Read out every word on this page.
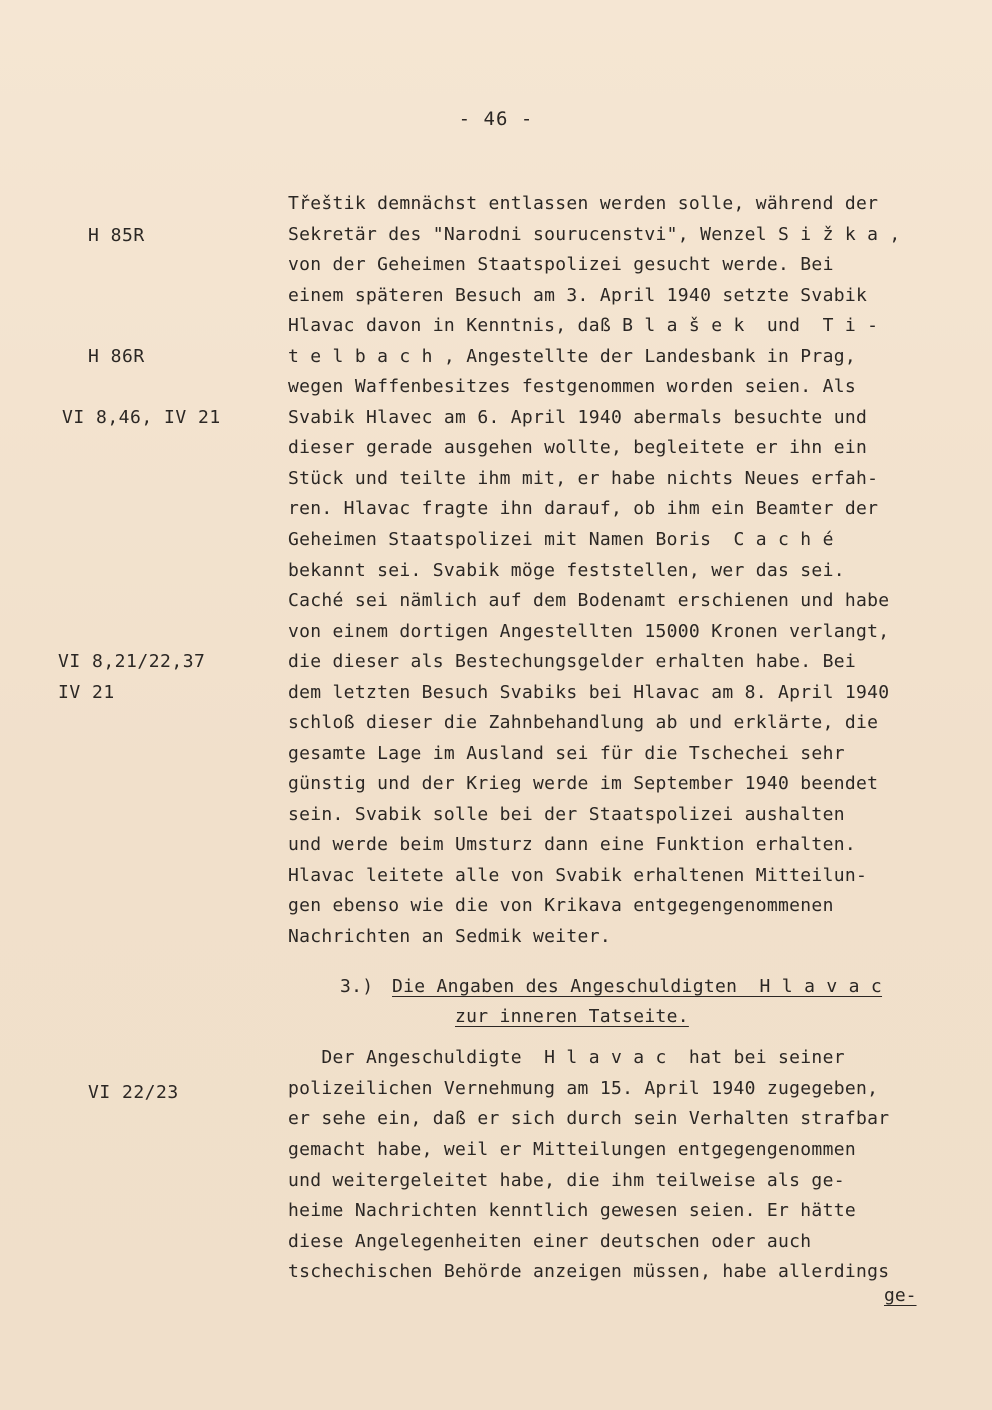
- 46 -
H 85R
H 86R
VI 8,46, IV 21
VI 8,21/22,37
IV 21
VI 22/23
Třeštik demnächst entlassen werden solle, während der
Sekretär des "Narodni sourucenstvi", Wenzel S i ž k a ,
von der Geheimen Staatspolizei gesucht werde. Bei
einem späteren Besuch am 3. April 1940 setzte Svabik
Hlavac davon in Kenntnis, daß B l a š e k  und  T i -
t e l b a c h , Angestellte der Landesbank in Prag,
wegen Waffenbesitzes festgenommen worden seien. Als
Svabik Hlavec am 6. April 1940 abermals besuchte und
dieser gerade ausgehen wollte, begleitete er ihn ein
Stück und teilte ihm mit, er habe nichts Neues erfah-
ren. Hlavac fragte ihn darauf, ob ihm ein Beamter der
Geheimen Staatspolizei mit Namen Boris  C a c h é
bekannt sei. Svabik möge feststellen, wer das sei.
Caché sei nämlich auf dem Bodenamt erschienen und habe
von einem dortigen Angestellten 15000 Kronen verlangt,
die dieser als Bestechungsgelder erhalten habe. Bei
dem letzten Besuch Svabiks bei Hlavac am 8. April 1940
schloß dieser die Zahnbehandlung ab und erklärte, die
gesamte Lage im Ausland sei für die Tschechei sehr
günstig und der Krieg werde im September 1940 beendet
sein. Svabik solle bei der Staatspolizei aushalten
und werde beim Umsturz dann eine Funktion erhalten.
Hlavac leitete alle von Svabik erhaltenen Mitteilun-
gen ebenso wie die von Krikava entgegengenommenen
Nachrichten an Sedmik weiter.
3.) Die Angaben des Angeschuldigten  H l a v a c
zur inneren Tatseite.
Der Angeschuldigte  H l a v a c  hat bei seiner
polizeilichen Vernehmung am 15. April 1940 zugegeben,
er sehe ein, daß er sich durch sein Verhalten strafbar
gemacht habe, weil er Mitteilungen entgegengenommen
und weitergeleitet habe, die ihm teilweise als ge-
heime Nachrichten kenntlich gewesen seien. Er hätte
diese Angelegenheiten einer deutschen oder auch
tschechischen Behörde anzeigen müssen, habe allerdings
ge-
